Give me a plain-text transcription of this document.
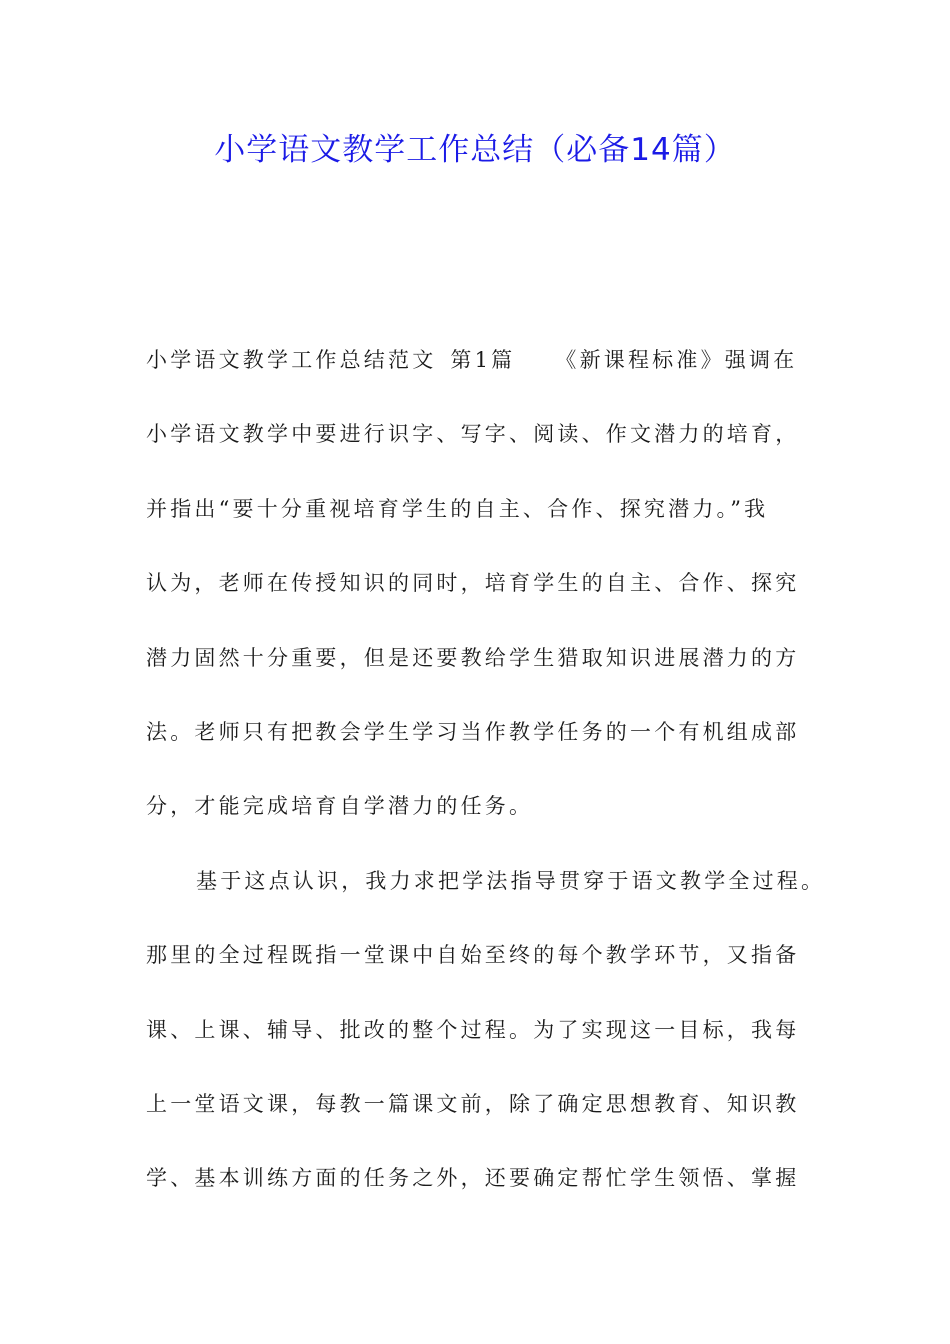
小学语文教学工作总结（必备14篇）
小学语文教学工作总结范文 第1篇 《新课程标准》强调在
小学语文教学中要进行识字、写字、阅读、作文潜力的培育，
并指出“要十分重视培育学生的自主、合作、探究潜力。”我
认为，老师在传授知识的同时，培育学生的自主、合作、探究
潜力固然十分重要，但是还要教给学生猎取知识进展潜力的方
法。老师只有把教会学生学习当作教学任务的一个有机组成部
分，才能完成培育自学潜力的任务。
基于这点认识，我力求把学法指导贯穿于语文教学全过程。
那里的全过程既指一堂课中自始至终的每个教学环节，又指备
课、上课、辅导、批改的整个过程。为了实现这一目标，我每
上一堂语文课，每教一篇课文前，除了确定思想教育、知识教
学、基本训练方面的任务之外，还要确定帮忙学生领悟、掌握
